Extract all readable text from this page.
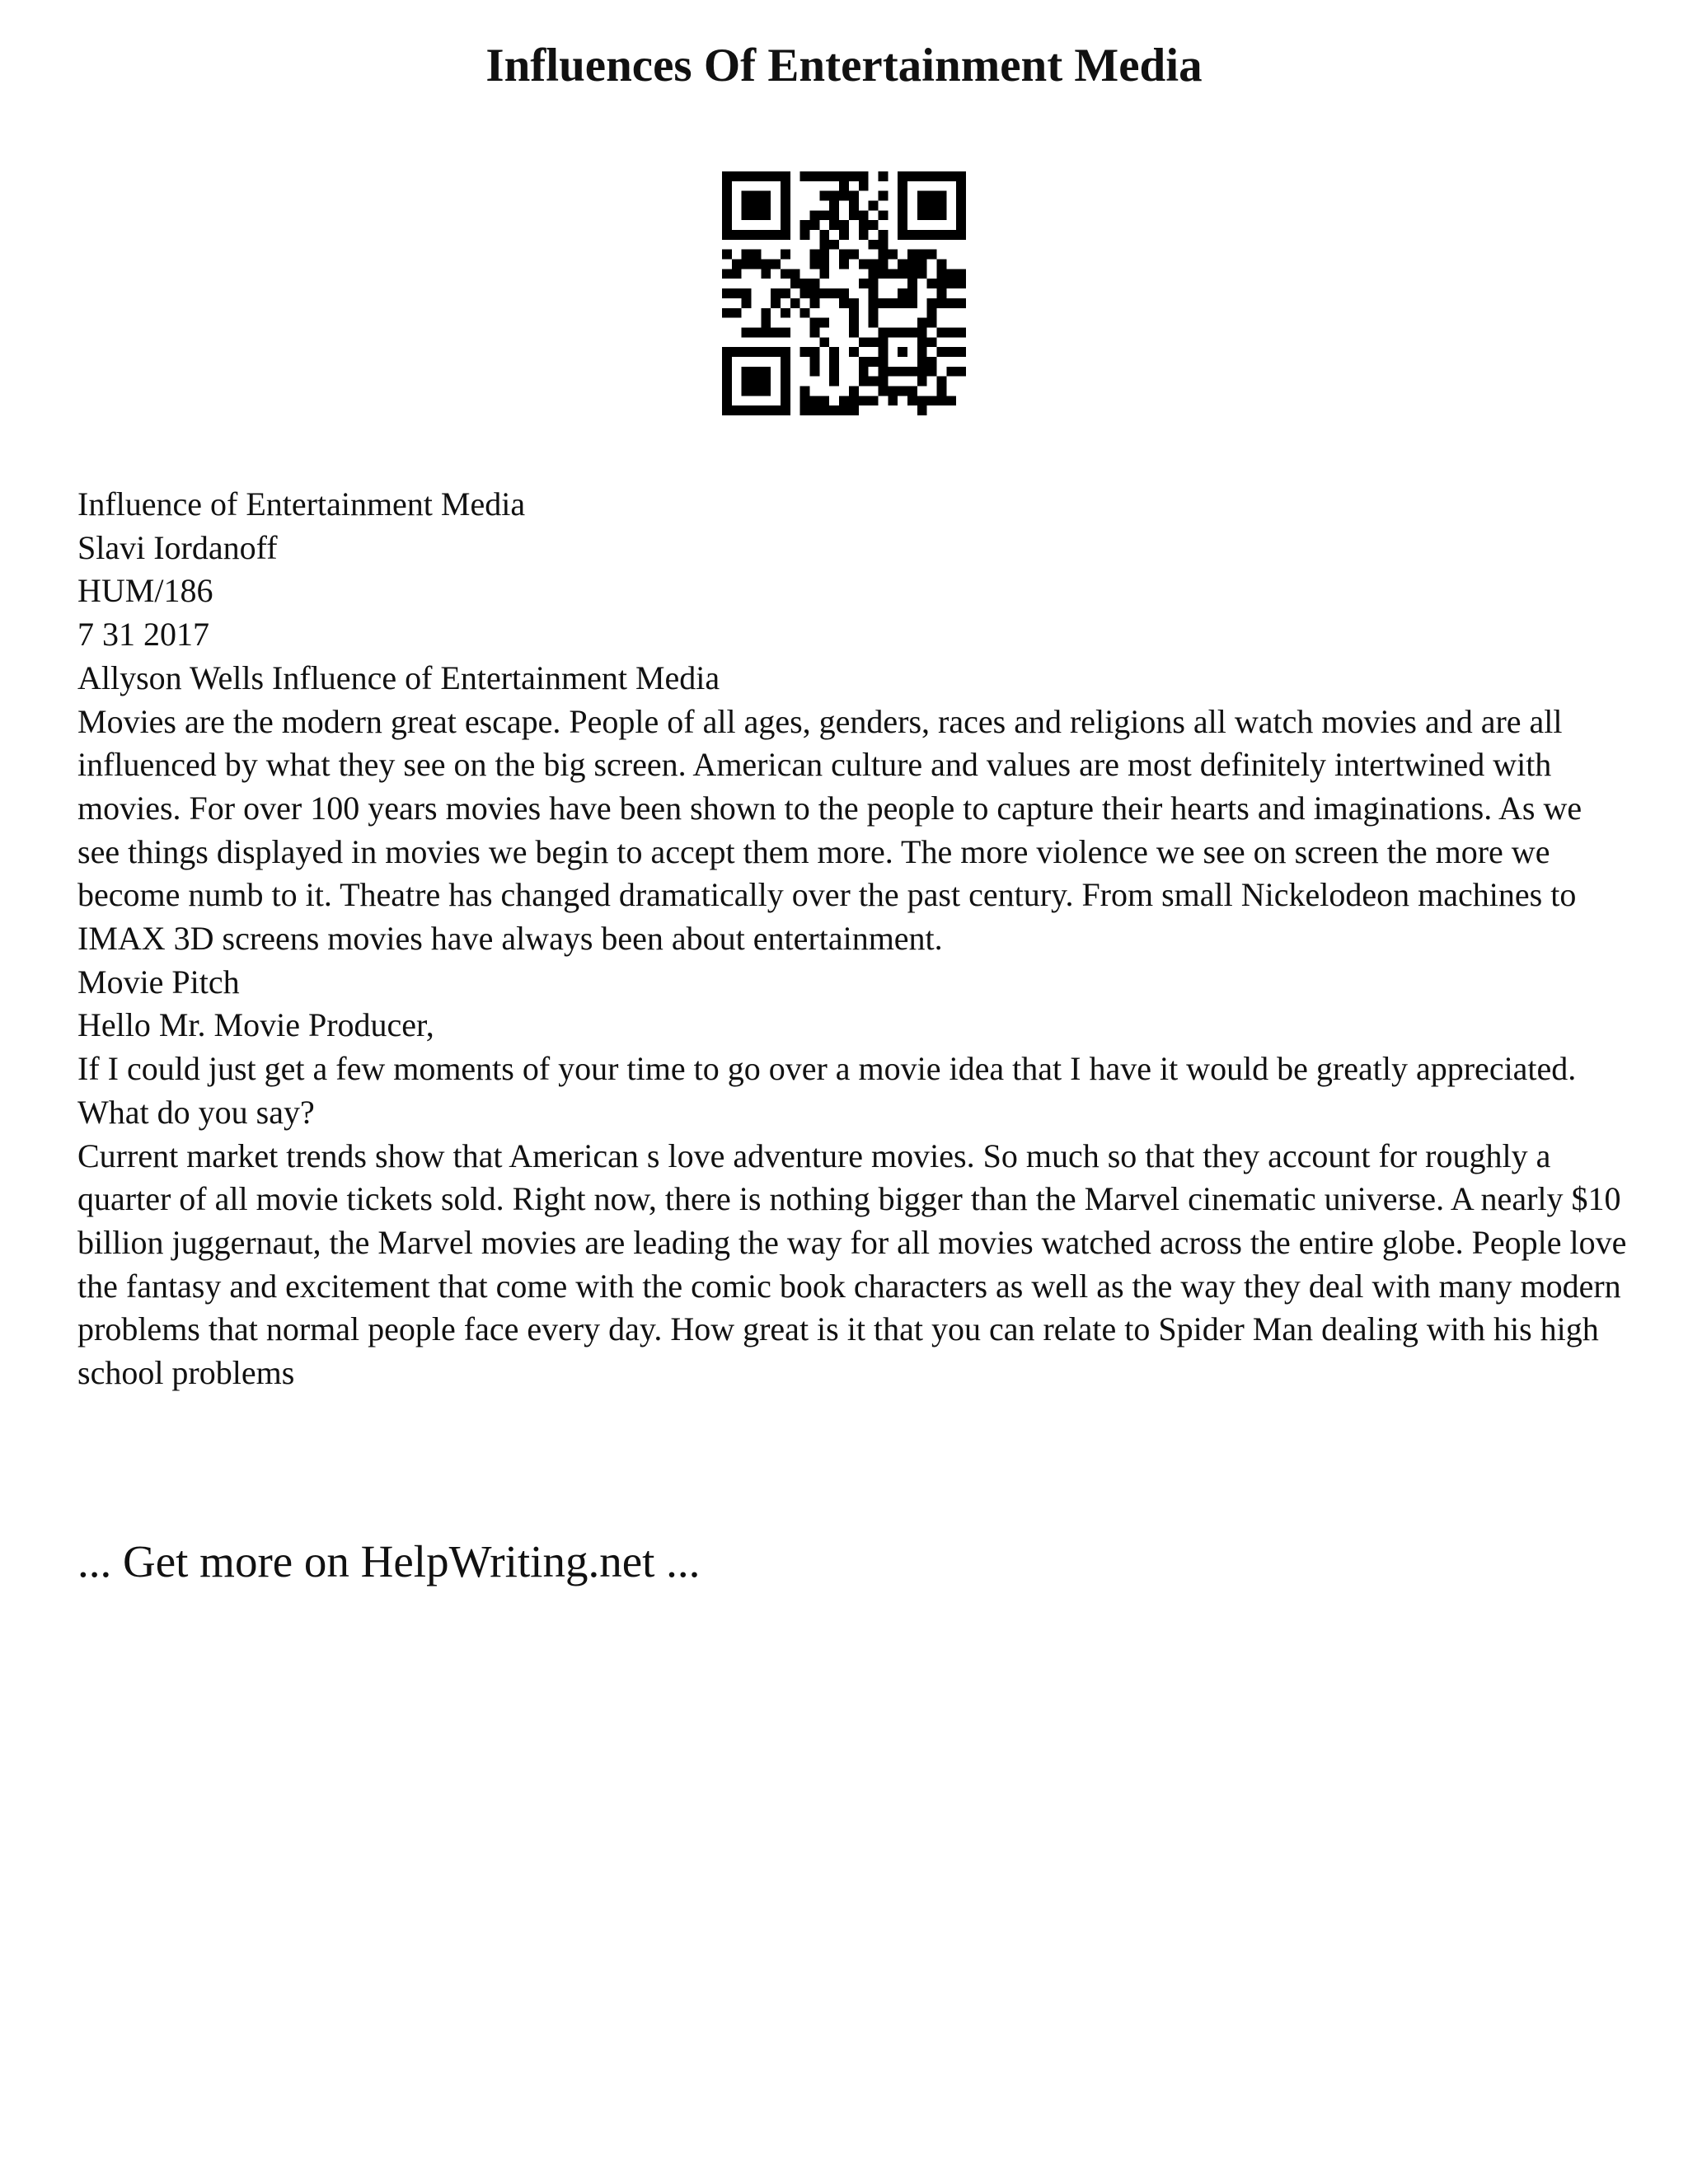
Influences Of Entertainment Media

Influence of Entertainment Media

Slavi Iordanoff

HUM/186

7 31 2017

Allyson Wells Influence of Entertainment Media

Movies are the modern great escape. People of all ages, genders, races and religions all watch movies and are all influenced by what they see on the big screen. American culture and values are most definitely intertwined with movies. For over 100 years movies have been shown to the people to capture their hearts and imaginations. As we see things displayed in movies we begin to accept them more. The more violence we see on screen the more we become numb to it. Theatre has changed dramatically over the past century. From small Nickelodeon machines to IMAX 3D screens movies have always been about entertainment.

Movie Pitch

Hello Mr. Movie Producer,

If I could just get a few moments of your time to go over a movie idea that I have it would be greatly appreciated. What do you say?

Current market trends show that American s love adventure movies. So much so that they account for roughly a quarter of all movie tickets sold. Right now, there is nothing bigger than the Marvel cinematic universe. A nearly $10 billion juggernaut, the Marvel movies are leading the way for all movies watched across the entire globe. People love the fantasy and excitement that come with the comic book characters as well as the way they deal with many modern problems that normal people face every day. How great is it that you can relate to Spider Man dealing with his high school problems

... Get more on HelpWriting.net ...
